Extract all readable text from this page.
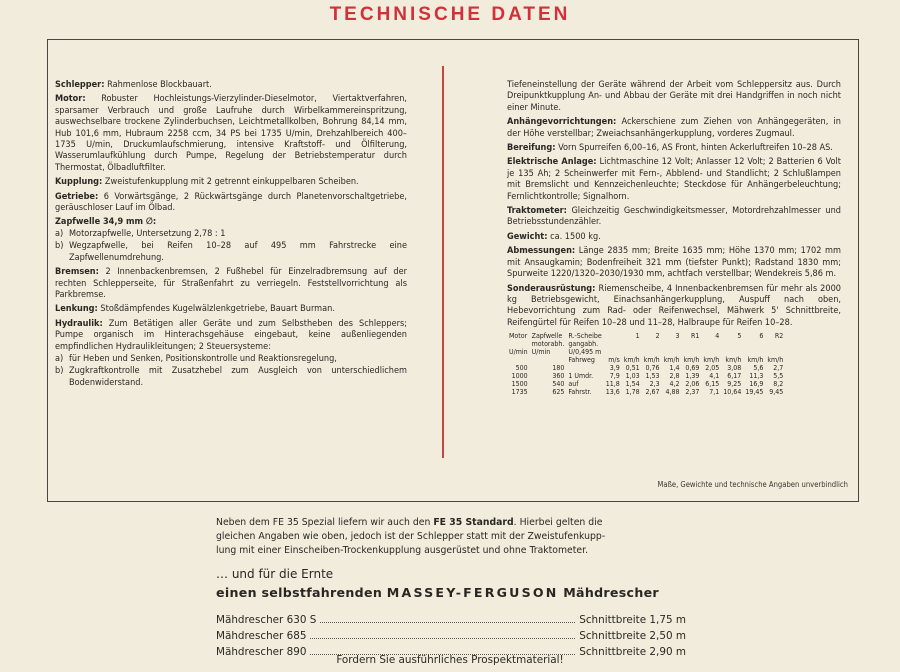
TECHNISCHE DATEN

Schlepper: Rahmenlose Blockbauart.

Motor: Robuster Hochleistungs-Vierzylinder-Dieselmotor, Viertaktverfahren, sparsamer Verbrauch und große Laufruhe durch Wirbelkammereinspritzung, auswechselbare trockene Zylinderbuchsen, Leichtmetallkolben, Bohrung 84,14 mm, Hub 101,6 mm, Hubraum 2258 ccm, 34 PS bei 1735 U/min, Drehzahlbereich 400–1735 U/min, Druckumlaufschmierung, intensive Kraftstoff- und Ölfilterung, Wasserumlaufkühlung durch Pumpe, Regelung der Betriebstemperatur durch Thermostat, Ölbadluftfilter.

Kupplung: Zweistufenkupplung mit 2 getrennt einkuppelbaren Scheiben.

Getriebe: 6 Vorwärtsgänge, 2 Rückwärtsgänge durch Planetenvorschaltgetriebe, geräuschloser Lauf im Ölbad.

Zapfwelle 34,9 mm ∅:

a) Motorzapfwelle, Untersetzung 2,78 : 1
b) Wegzapfwelle, bei Reifen 10–28 auf 495 mm Fahrstrecke eine Zapfwellenumdrehung.

Bremsen: 2 Innenbackenbremsen, 2 Fußhebel für Einzelradbremsung auf der rechten Schlepperseite, für Straßenfahrt zu verriegeln. Feststellvorrichtung als Parkbremse.

Lenkung: Stoßdämpfendes Kugelwälzlenkgetriebe, Bauart Burman.

Hydraulik: Zum Betätigen aller Geräte und zum Selbstheben des Schleppers; Pumpe organisch im Hinterachsgehäuse eingebaut, keine außenliegenden empfindlichen Hydraulikleitungen; 2 Steuersysteme:

a) für Heben und Senken, Positionskontrolle und Reaktionsregelung,
b) Zugkraftkontrolle mit Zusatzhebel zum Ausgleich von unterschiedlichem Bodenwiderstand.

Tiefeneinstellung der Geräte während der Arbeit vom Schleppersitz aus. Durch Dreipunktkupplung An- und Abbau der Geräte mit drei Handgriffen in noch nicht einer Minute.

Anhängevorrichtungen: Ackerschiene zum Ziehen von Anhängegeräten, in der Höhe verstellbar; Zweiachsanhängerkupplung, vorderes Zugmaul.

Bereifung: Vorn Spurreifen 6,00–16, AS Front, hinten Ackerluftreifen 10–28 AS.

Elektrische Anlage: Lichtmaschine 12 Volt; Anlasser 12 Volt; 2 Batterien 6 Volt je 135 Ah; 2 Scheinwerfer mit Fern-, Abblend- und Standlicht; 2 Schlußlampen mit Bremslicht und Kennzeichenleuchte; Steckdose für Anhängerbeleuchtung; Fernlichtkontrolle; Signalhorn.

Traktometer: Gleichzeitig Geschwindigkeitsmesser, Motordrehzahlmesser und Betriebsstundenzähler.

Gewicht: ca. 1500 kg.

Abmessungen: Länge 2835 mm; Breite 1635 mm; Höhe 1370 mm; 1702 mm mit Ansaugkamin; Bodenfreiheit 321 mm (tiefster Punkt); Radstand 1830 mm; Spurweite 1220/1320–2030/1930 mm, achtfach verstellbar; Wendekreis 5,86 m.

Sonderausrüstung: Riemenscheibe, 4 Innenbackenbremsen für mehr als 2000 kg Betriebsgewicht, Einachsanhängerkupplung, Auspuff nach oben, Hebevorrichtung zum Rad- oder Reifenwechsel, Mähwerk 5' Schnittbreite, Reifengürtel für Reifen 10–28 und 11–28, Halbraupe für Reifen 10–28.

Motor	Zapfwelle	R.-Scheibe		1	2	3	R1	4	5	6	R2
	motorabh.	gangabh.									
U/min	U/min	U/0,495 m									
		Fahrweg	m/s	km/h	km/h	km/h	km/h	km/h	km/h	km/h	km/h
500	180		3,9	0,51	0,76	1,4	0,69	2,05	3,08	5,6	2,7
1000	360	1 Umdr.	7,9	1,03	1,53	2,8	1,39	4,1	6,17	11,3	5,5
1500	540	auf	11,8	1,54	2,3	4,2	2,06	6,15	9,25	16,9	8,2
1735	625	Fahrstr.	13,6	1,78	2,67	4,88	2,37	7,1	10,64	19,45	9,45
Maße, Gewichte und technische Angaben unverbindlich

Neben dem FE 35 Spezial liefern wir auch den FE 35 Standard. Hierbei gelten die

gleichen Angaben wie oben, jedoch ist der Schlepper statt mit der Zweistufenkupp-

lung mit einer Einscheiben-Trockenkupplung ausgerüstet und ohne Traktometer.

… und für die Ernte
einen selbstfahrenden MASSEY-FERGUSON Mähdrescher
Mähdrescher 630 S	Schnittbreite 1,75 m
Mähdrescher 685	Schnittbreite 2,50 m
Mähdrescher 890	Schnittbreite 2,90 m
Fordern Sie ausführliches Prospektmaterial!
